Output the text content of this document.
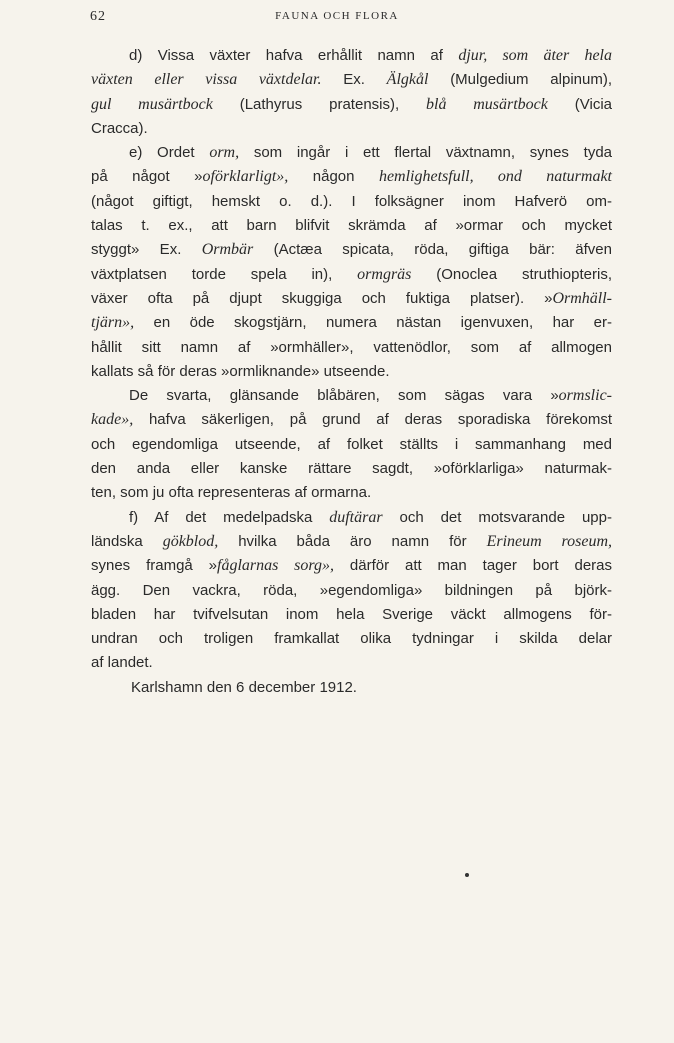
62	FAUNA OCH FLORA
d) Vissa växter hafva erhållit namn af djur, som äter hela
växten eller vissa växtdelar. Ex. Älgkål (Mulgedium alpinum),
gul musärtbock (Lathyrus pratensis), blå musärtbock (Vicia
Cracca).
e) Ordet orm, som ingår i ett flertal växtnamn, synes tyda
på något »oförklarligt», någon hemlighetsfull, ond naturmakt
(något giftigt, hemskt o. d.). I folksägner inom Hafverö om-
talas t. ex., att barn blifvit skrämda af »ormar och mycket
styggt» Ex. Ormbär (Actæa spicata, röda, giftiga bär: äfven
växtplatsen torde spela in), ormgräs (Onoclea struthiopteris,
växer ofta på djupt skuggiga och fuktiga platser). »Ormhäll-
tjärn», en öde skogstjärn, numera nästan igenvuxen, har er-
hållit sitt namn af »ormhäller», vattenödlor, som af allmogen
kallats så för deras »ormliknande» utseende.
De svarta, glänsande blåbären, som sägas vara »ormslic-
kade», hafva säkerligen, på grund af deras sporadiska förekomst
och egendomliga utseende, af folket ställts i sammanhang med
den anda eller kanske rättare sagdt, »oförklarliga» naturmak-
ten, som ju ofta representeras af ormarna.
f) Af det medelpadska duftärar och det motsvarande upp-
ländska gökblod, hvilka båda äro namn för Erineum roseum,
synes framgå »fåglarnas sorg», därför att man tager bort deras
ägg. Den vackra, röda, »egendomliga» bildningen på björk-
bladen har tvifvelsutan inom hela Sverige väckt allmogens för-
undran och troligen framkallat olika tydningar i skilda delar
af landet.
Karlshamn den 6 december 1912.
